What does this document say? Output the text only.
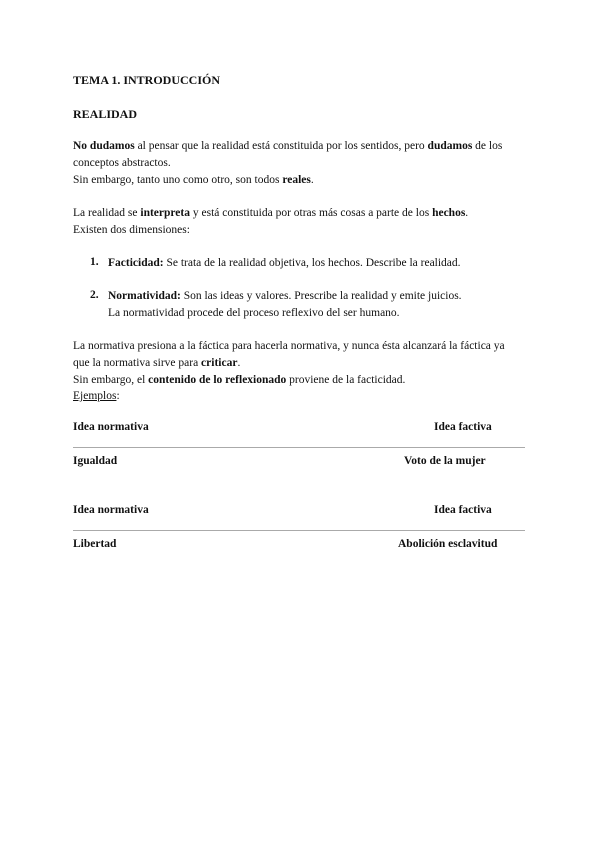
TEMA 1. INTRODUCCIÓN
REALIDAD
No dudamos al pensar que la realidad está constituida por los sentidos, pero dudamos de los
conceptos abstractos.
Sin embargo, tanto uno como otro, son todos reales.
La realidad se interpreta y está constituida por otras más cosas a parte de los hechos.
Existen dos dimensiones:
1. Facticidad: Se trata de la realidad objetiva, los hechos. Describe la realidad.
2. Normatividad: Son las ideas y valores. Prescribe la realidad y emite juicios.
La normatividad procede del proceso reflexivo del ser humano.
La normativa presiona a la fáctica para hacerla normativa, y nunca ésta alcanzará la fáctica ya
que la normativa sirve para criticar.
Sin embargo, el contenido de lo reflexionado proviene de la facticidad.
Ejemplos:
Idea normativa	Idea factiva
Igualdad	Voto de la mujer
Idea normativa	Idea factiva
Libertad	Abolición esclavitud
